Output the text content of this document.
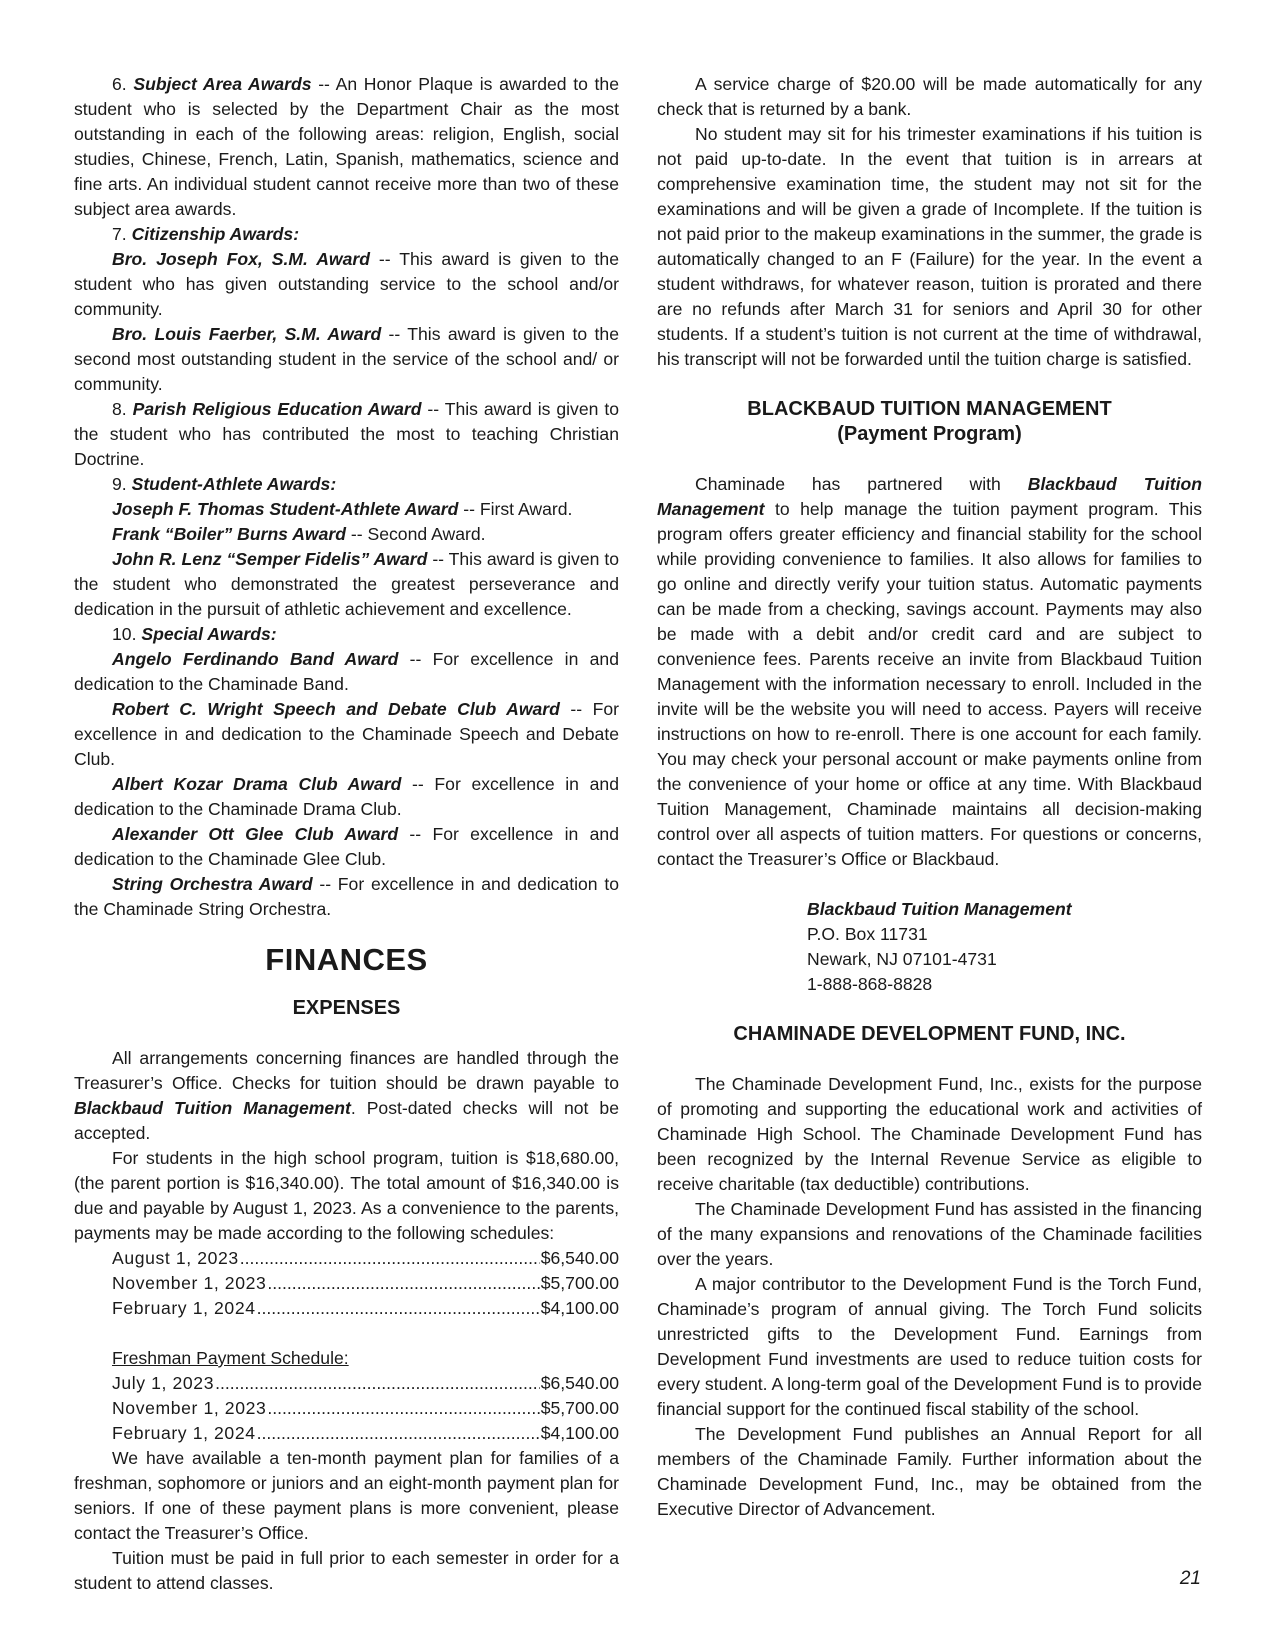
6. Subject Area Awards -- An Honor Plaque is awarded to the student who is selected by the Department Chair as the most outstanding in each of the following areas: religion, English, social studies, Chinese, French, Latin, Spanish, mathematics, science and fine arts. An individual student cannot receive more than two of these subject area awards.

7. Citizenship Awards:

Bro. Joseph Fox, S.M. Award -- This award is given to the student who has given outstanding service to the school and/or community.

Bro. Louis Faerber, S.M. Award -- This award is given to the second most outstanding student in the service of the school and/ or community.

8. Parish Religious Education Award -- This award is given to the student who has contributed the most to teaching Christian Doctrine.

9. Student-Athlete Awards:

Joseph F. Thomas Student-Athlete Award -- First Award.

Frank “Boiler” Burns Award -- Second Award.

John R. Lenz “Semper Fidelis” Award -- This award is given to the student who demonstrated the greatest perseverance and dedication in the pursuit of athletic achievement and excellence.

10. Special Awards:

Angelo Ferdinando Band Award -- For excellence in and dedication to the Chaminade Band.

Robert C. Wright Speech and Debate Club Award -- For excellence in and dedication to the Chaminade Speech and Debate Club.

Albert Kozar Drama Club Award -- For excellence in and dedication to the Chaminade Drama Club.

Alexander Ott Glee Club Award -- For excellence in and dedication to the Chaminade Glee Club.

String Orchestra Award -- For excellence in and dedication to the Chaminade String Orchestra.

FINANCES
EXPENSES

All arrangements concerning finances are handled through the Treasurer’s Office. Checks for tuition should be drawn payable to Blackbaud Tuition Management. Post-dated checks will not be accepted.

For students in the high school program, tuition is $18,680.00, (the parent portion is $16,340.00). The total amount of $16,340.00 is due and payable by August 1, 2023. As a convenience to the parents, payments may be made according to the following schedules:

August 1, 2023 .....	$6,540.00
November 1, 2023 .....	$5,700.00
February 1, 2024 .....	$4,100.00
Freshman Payment Schedule:
July 1, 2023 .....	$6,540.00
November 1, 2023 .....	$5,700.00
February 1, 2024 .....	$4,100.00

We have available a ten-month payment plan for families of a freshman, sophomore or juniors and an eight-month payment plan for seniors. If one of these payment plans is more convenient, please contact the Treasurer’s Office.

Tuition must be paid in full prior to each semester in order for a student to attend classes.

A service charge of $20.00 will be made automatically for any check that is returned by a bank.

No student may sit for his trimester examinations if his tuition is not paid up-to-date. In the event that tuition is in arrears at comprehensive examination time, the student may not sit for the examinations and will be given a grade of Incomplete. If the tuition is not paid prior to the makeup examinations in the summer, the grade is automatically changed to an F (Failure) for the year. In the event a student withdraws, for whatever reason, tuition is prorated and there are no refunds after March 31 for seniors and April 30 for other students. If a student’s tuition is not current at the time of withdrawal, his transcript will not be forwarded until the tuition charge is satisfied.

BLACKBAUD TUITION MANAGEMENT
(Payment Program)

Chaminade has partnered with Blackbaud Tuition Management to help manage the tuition payment program. This program offers greater efficiency and financial stability for the school while providing convenience to families. It also allows for families to go online and directly verify your tuition status. Automatic payments can be made from a checking, savings account. Payments may also be made with a debit and/or credit card and are subject to convenience fees. Parents receive an invite from Blackbaud Tuition Management with the information necessary to enroll. Included in the invite will be the website you will need to access. Payers will receive instructions on how to re-enroll. There is one account for each family. You may check your personal account or make payments online from the convenience of your home or office at any time. With Blackbaud Tuition Management, Chaminade maintains all decision-making control over all aspects of tuition matters. For questions or concerns, contact the Treasurer’s Office or Blackbaud.

Blackbaud Tuition Management
P.O. Box 11731
Newark, NJ 07101-4731
1-888-868-8828
CHAMINADE DEVELOPMENT FUND, INC.

The Chaminade Development Fund, Inc., exists for the purpose of promoting and supporting the educational work and activities of Chaminade High School. The Chaminade Development Fund has been recognized by the Internal Revenue Service as eligible to receive charitable (tax deductible) contributions.

The Chaminade Development Fund has assisted in the financing of the many expansions and renovations of the Chaminade facilities over the years.

A major contributor to the Development Fund is the Torch Fund, Chaminade’s program of annual giving. The Torch Fund solicits unrestricted gifts to the Development Fund. Earnings from Development Fund investments are used to reduce tuition costs for every student. A long-term goal of the Development Fund is to provide financial support for the continued fiscal stability of the school.

The Development Fund publishes an Annual Report for all members of the Chaminade Family. Further information about the Chaminade Development Fund, Inc., may be obtained from the Executive Director of Advancement.

21
